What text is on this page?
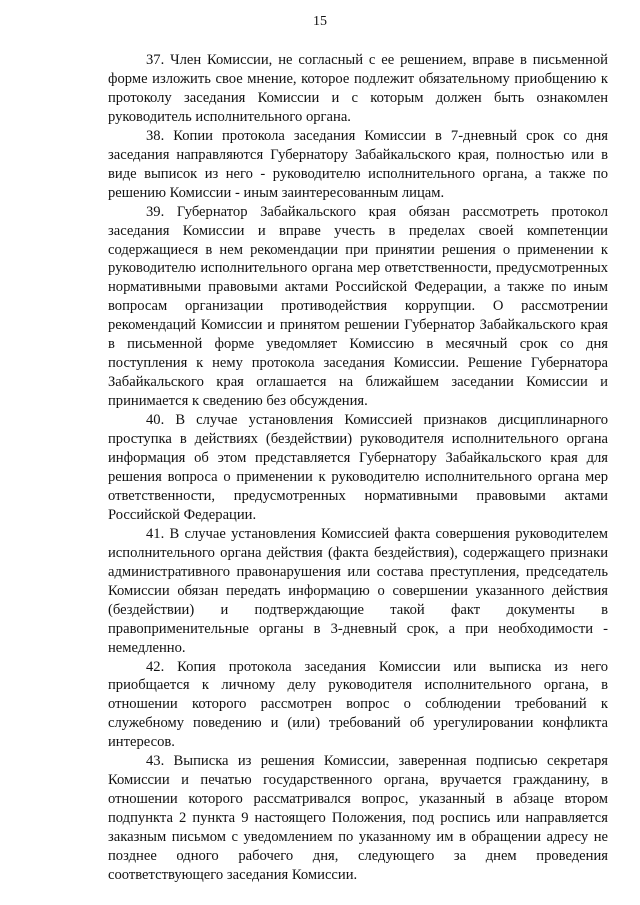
15

37. Член Комиссии, не согласный с ее решением, вправе в письменной форме изложить свое мнение, которое подлежит обязательному приобщению к протоколу заседания Комиссии и с которым должен быть ознакомлен руководитель исполнительного органа.

38. Копии протокола заседания Комиссии в 7-дневный срок со дня заседания направляются Губернатору Забайкальского края, полностью или в виде выписок из него - руководителю исполнительного органа, а также по решению Комиссии - иным заинтересованным лицам.

39. Губернатор Забайкальского края обязан рассмотреть протокол заседания Комиссии и вправе учесть в пределах своей компетенции содержащиеся в нем рекомендации при принятии решения о применении к руководителю исполнительного органа мер ответственности, предусмотренных нормативными правовыми актами Российской Федерации, а также по иным вопросам организации противодействия коррупции. О рассмотрении рекомендаций Комиссии и принятом решении Губернатор Забайкальского края в письменной форме уведомляет Комиссию в месячный срок со дня поступления к нему протокола заседания Комиссии. Решение Губернатора Забайкальского края оглашается на ближайшем заседании Комиссии и принимается к сведению без обсуждения.

40. В случае установления Комиссией признаков дисциплинарного проступка в действиях (бездействии) руководителя исполнительного органа информация об этом представляется Губернатору Забайкальского края для решения вопроса о применении к руководителю исполнительного органа мер ответственности, предусмотренных нормативными правовыми актами Российской Федерации.

41. В случае установления Комиссией факта совершения руководителем исполнительного органа действия (факта бездействия), содержащего признаки административного правонарушения или состава преступления, председатель Комиссии обязан передать информацию о совершении указанного действия (бездействии) и подтверждающие такой факт документы в правоприменительные органы в 3-дневный срок, а при необходимости - немедленно.

42. Копия протокола заседания Комиссии или выписка из него приобщается к личному делу руководителя исполнительного органа, в отношении которого рассмотрен вопрос о соблюдении требований к служебному поведению и (или) требований об урегулировании конфликта интересов.

43. Выписка из решения Комиссии, заверенная подписью секретаря Комиссии и печатью государственного органа, вручается гражданину, в отношении которого рассматривался вопрос, указанный в абзаце втором подпункта 2 пункта 9 настоящего Положения, под роспись или направляется заказным письмом с уведомлением по указанному им в обращении адресу не позднее одного рабочего дня, следующего за днем проведения соответствующего заседания Комиссии.
